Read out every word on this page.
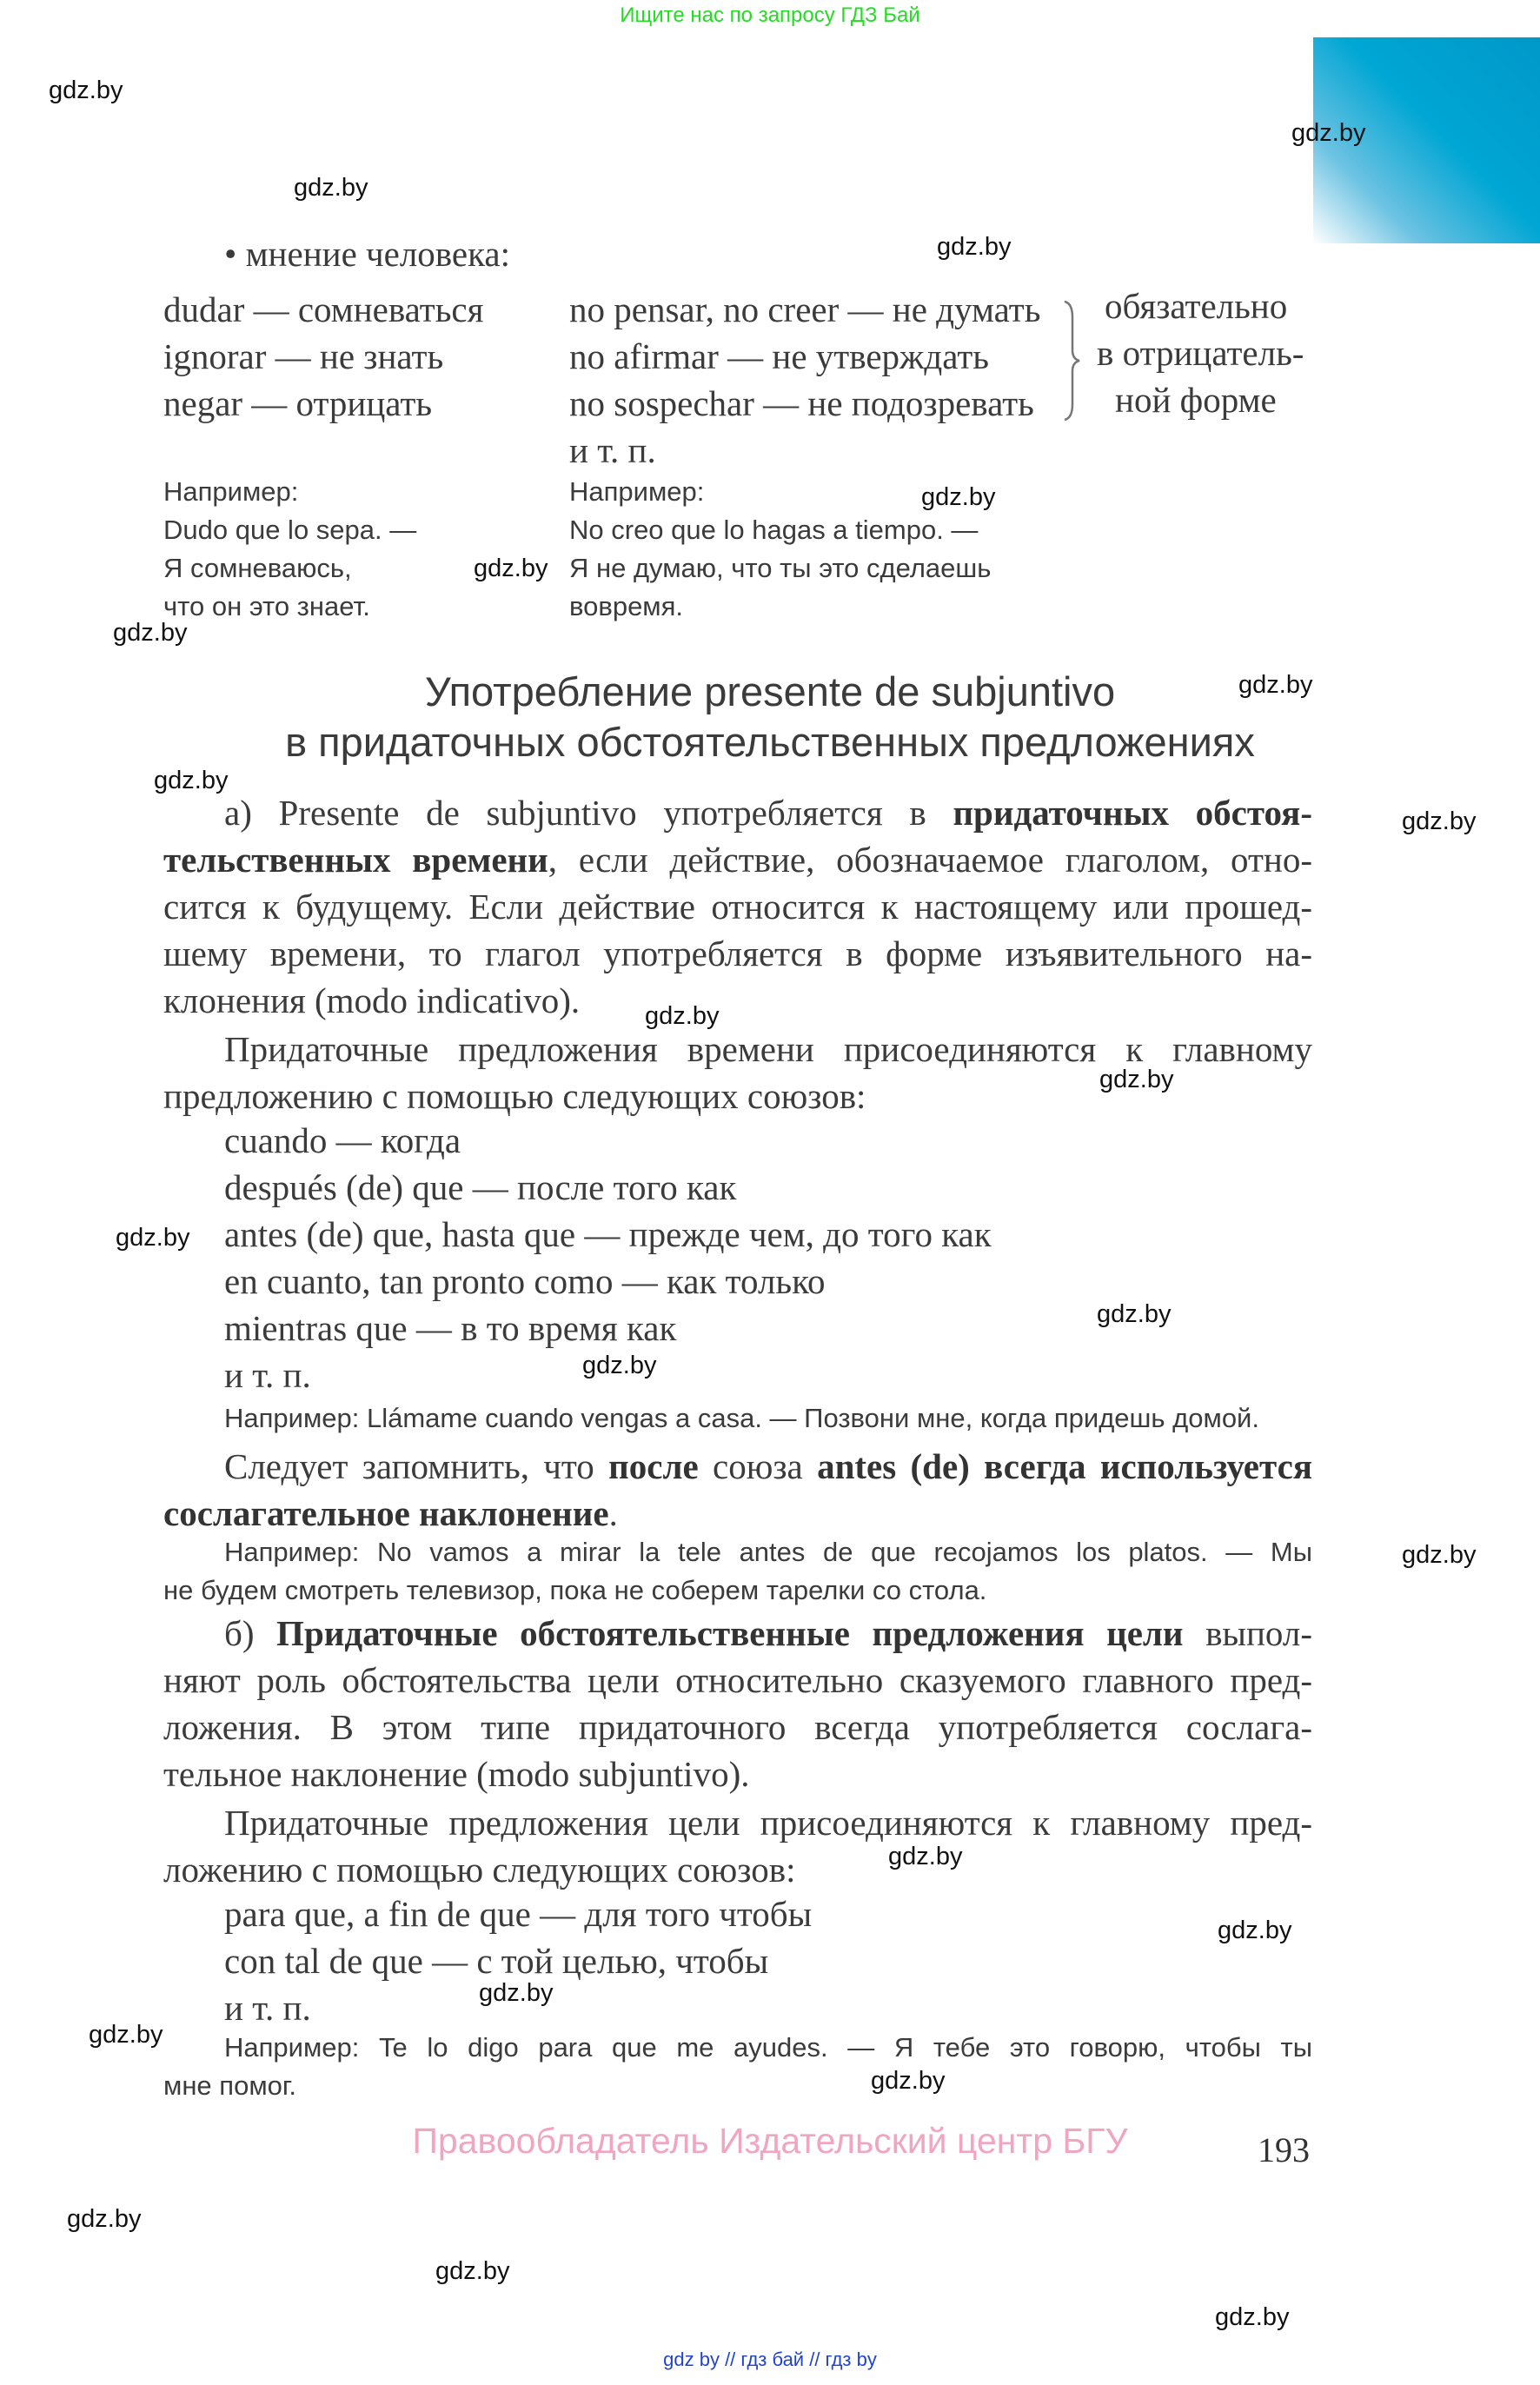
Ищите нас по запросу ГДЗ Бай
• мнение человека:
dudar — сомневаться
ignorar — не знать
negar — отрицать
no pensar, no creer — не думать
no afirmar — не утверждать
no sospechar — не подозревать
и т. п.
обязательно
в отрицатель-
ной форме
Например:
Dudo que lo sepa. —
Я сомневаюсь,
что он это знает.
Например:
No creo que lo hagas a tiempo. —
Я не думаю, что ты это сделаешь
вовремя.
Употребление presente de subjuntivo
в придаточных обстоятельственных предложениях
а) Presente de subjuntivo употребляется в придаточных обстоя-
тельственных времени, если действие, обозначаемое глаголом, отно-
сится к будущему. Если действие относится к настоящему или прошед-
шему времени, то глагол употребляется в форме изъявительного на-
клонения (modo indicativo).
Придаточные предложения времени присоединяются к главному
предложению с помощью следующих союзов:
cuando — когда
después (de) que — после того как
antes (de) que, hasta que — прежде чем, до того как
en cuanto, tan pronto como — как только
mientras que — в то время как
и т. п.
Например: Llámame cuando vengas a casa. — Позвони мне, когда придешь домой.
Следует запомнить, что после союза antes (de) всегда используется
сослагательное наклонение.
Например: No vamos a mirar la tele antes de que recojamos los platos. — Мы
не будем смотреть телевизор, пока не соберем тарелки со стола.
б) Придаточные обстоятельственные предложения цели выпол-
няют роль обстоятельства цели относительно сказуемого главного пред-
ложения. В этом типе придаточного всегда употребляется сослага-
тельное наклонение (modo subjuntivo).
Придаточные предложения цели присоединяются к главному пред-
ложению с помощью следующих союзов:
para que, a fin de que — для того чтобы
con tal de que — с той целью, чтобы
и т. п.
Например: Te lo digo para que me ayudes. — Я тебе это говорю, чтобы ты
мне помог.
Правообладатель Издательский центр БГУ	193
gdz by // гдз бай // гдз by
gdz.by
gdz.by
gdz.by
gdz.by
gdz.by
gdz.by
gdz.by
gdz.by
gdz.by
gdz.by
gdz.by
gdz.by
gdz.by
gdz.by
gdz.by
gdz.by
gdz.by
gdz.by
gdz.by
gdz.by
gdz.by
gdz.by
gdz.by
gdz.by
